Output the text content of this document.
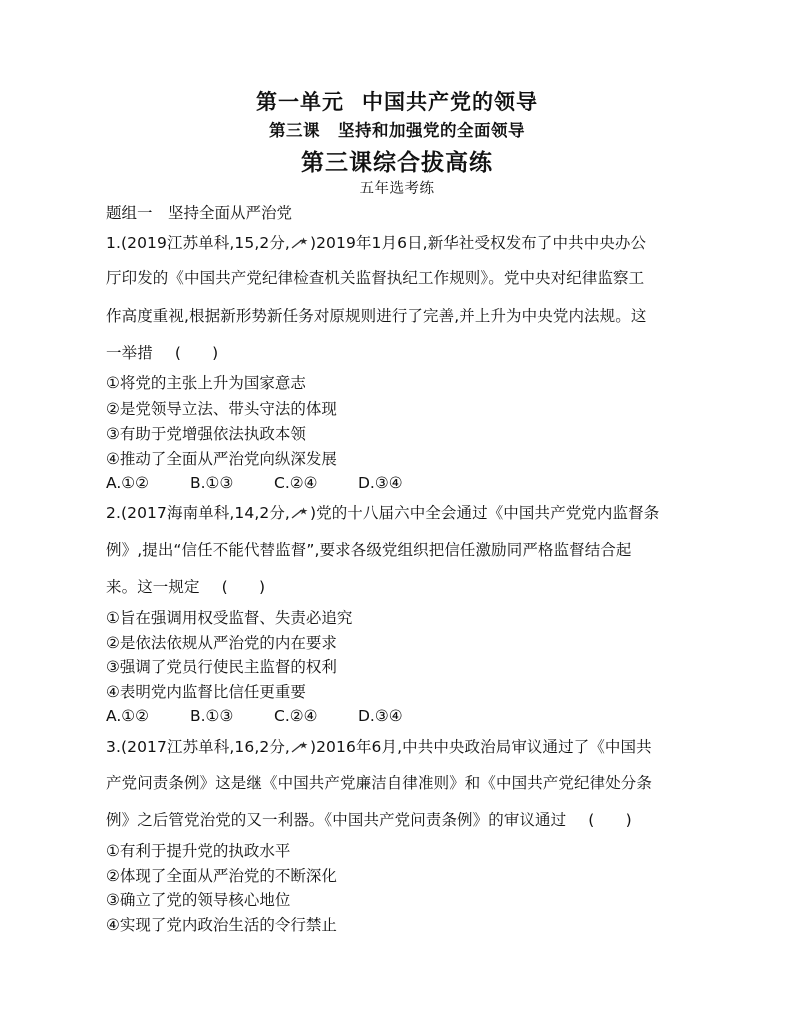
第一单元 中国共产党的领导
第三课 坚持和加强党的全面领导
第三课综合拔高练
五年选考练
题组一　坚持全面从严治党
1.(2019江苏单科,15,2分, )2019年1月6日,新华社受权发布了中共中央办公
厅印发的《中国共产党纪律检查机关监督执纪工作规则》。党中央对纪律监察工
作高度重视,根据新形势新任务对原规则进行了完善,并上升为中央党内法规。这
一举措 (　　)
①将党的主张上升为国家意志
②是党领导立法、带头守法的体现
③有助于党增强依法执政本领
④推动了全面从严治党向纵深发展
A.①②	B.①③	C.②④	D.③④
2.(2017海南单科,14,2分, )党的十八届六中全会通过《中国共产党党内监督条
例》,提出“信任不能代替监督”,要求各级党组织把信任激励同严格监督结合起
来。这一规定 (　　)
①旨在强调用权受监督、失责必追究
②是依法依规从严治党的内在要求
③强调了党员行使民主监督的权利
④表明党内监督比信任更重要
A.①②	B.①③	C.②④	D.③④
3.(2017江苏单科,16,2分, )2016年6月,中共中央政治局审议通过了《中国共
产党问责条例》这是继《中国共产党廉洁自律准则》和《中国共产党纪律处分条
例》之后管党治党的又一利器。《中国共产党问责条例》的审议通过 (　　)
①有利于提升党的执政水平
②体现了全面从严治党的不断深化
③确立了党的领导核心地位
④实现了党内政治生活的令行禁止
